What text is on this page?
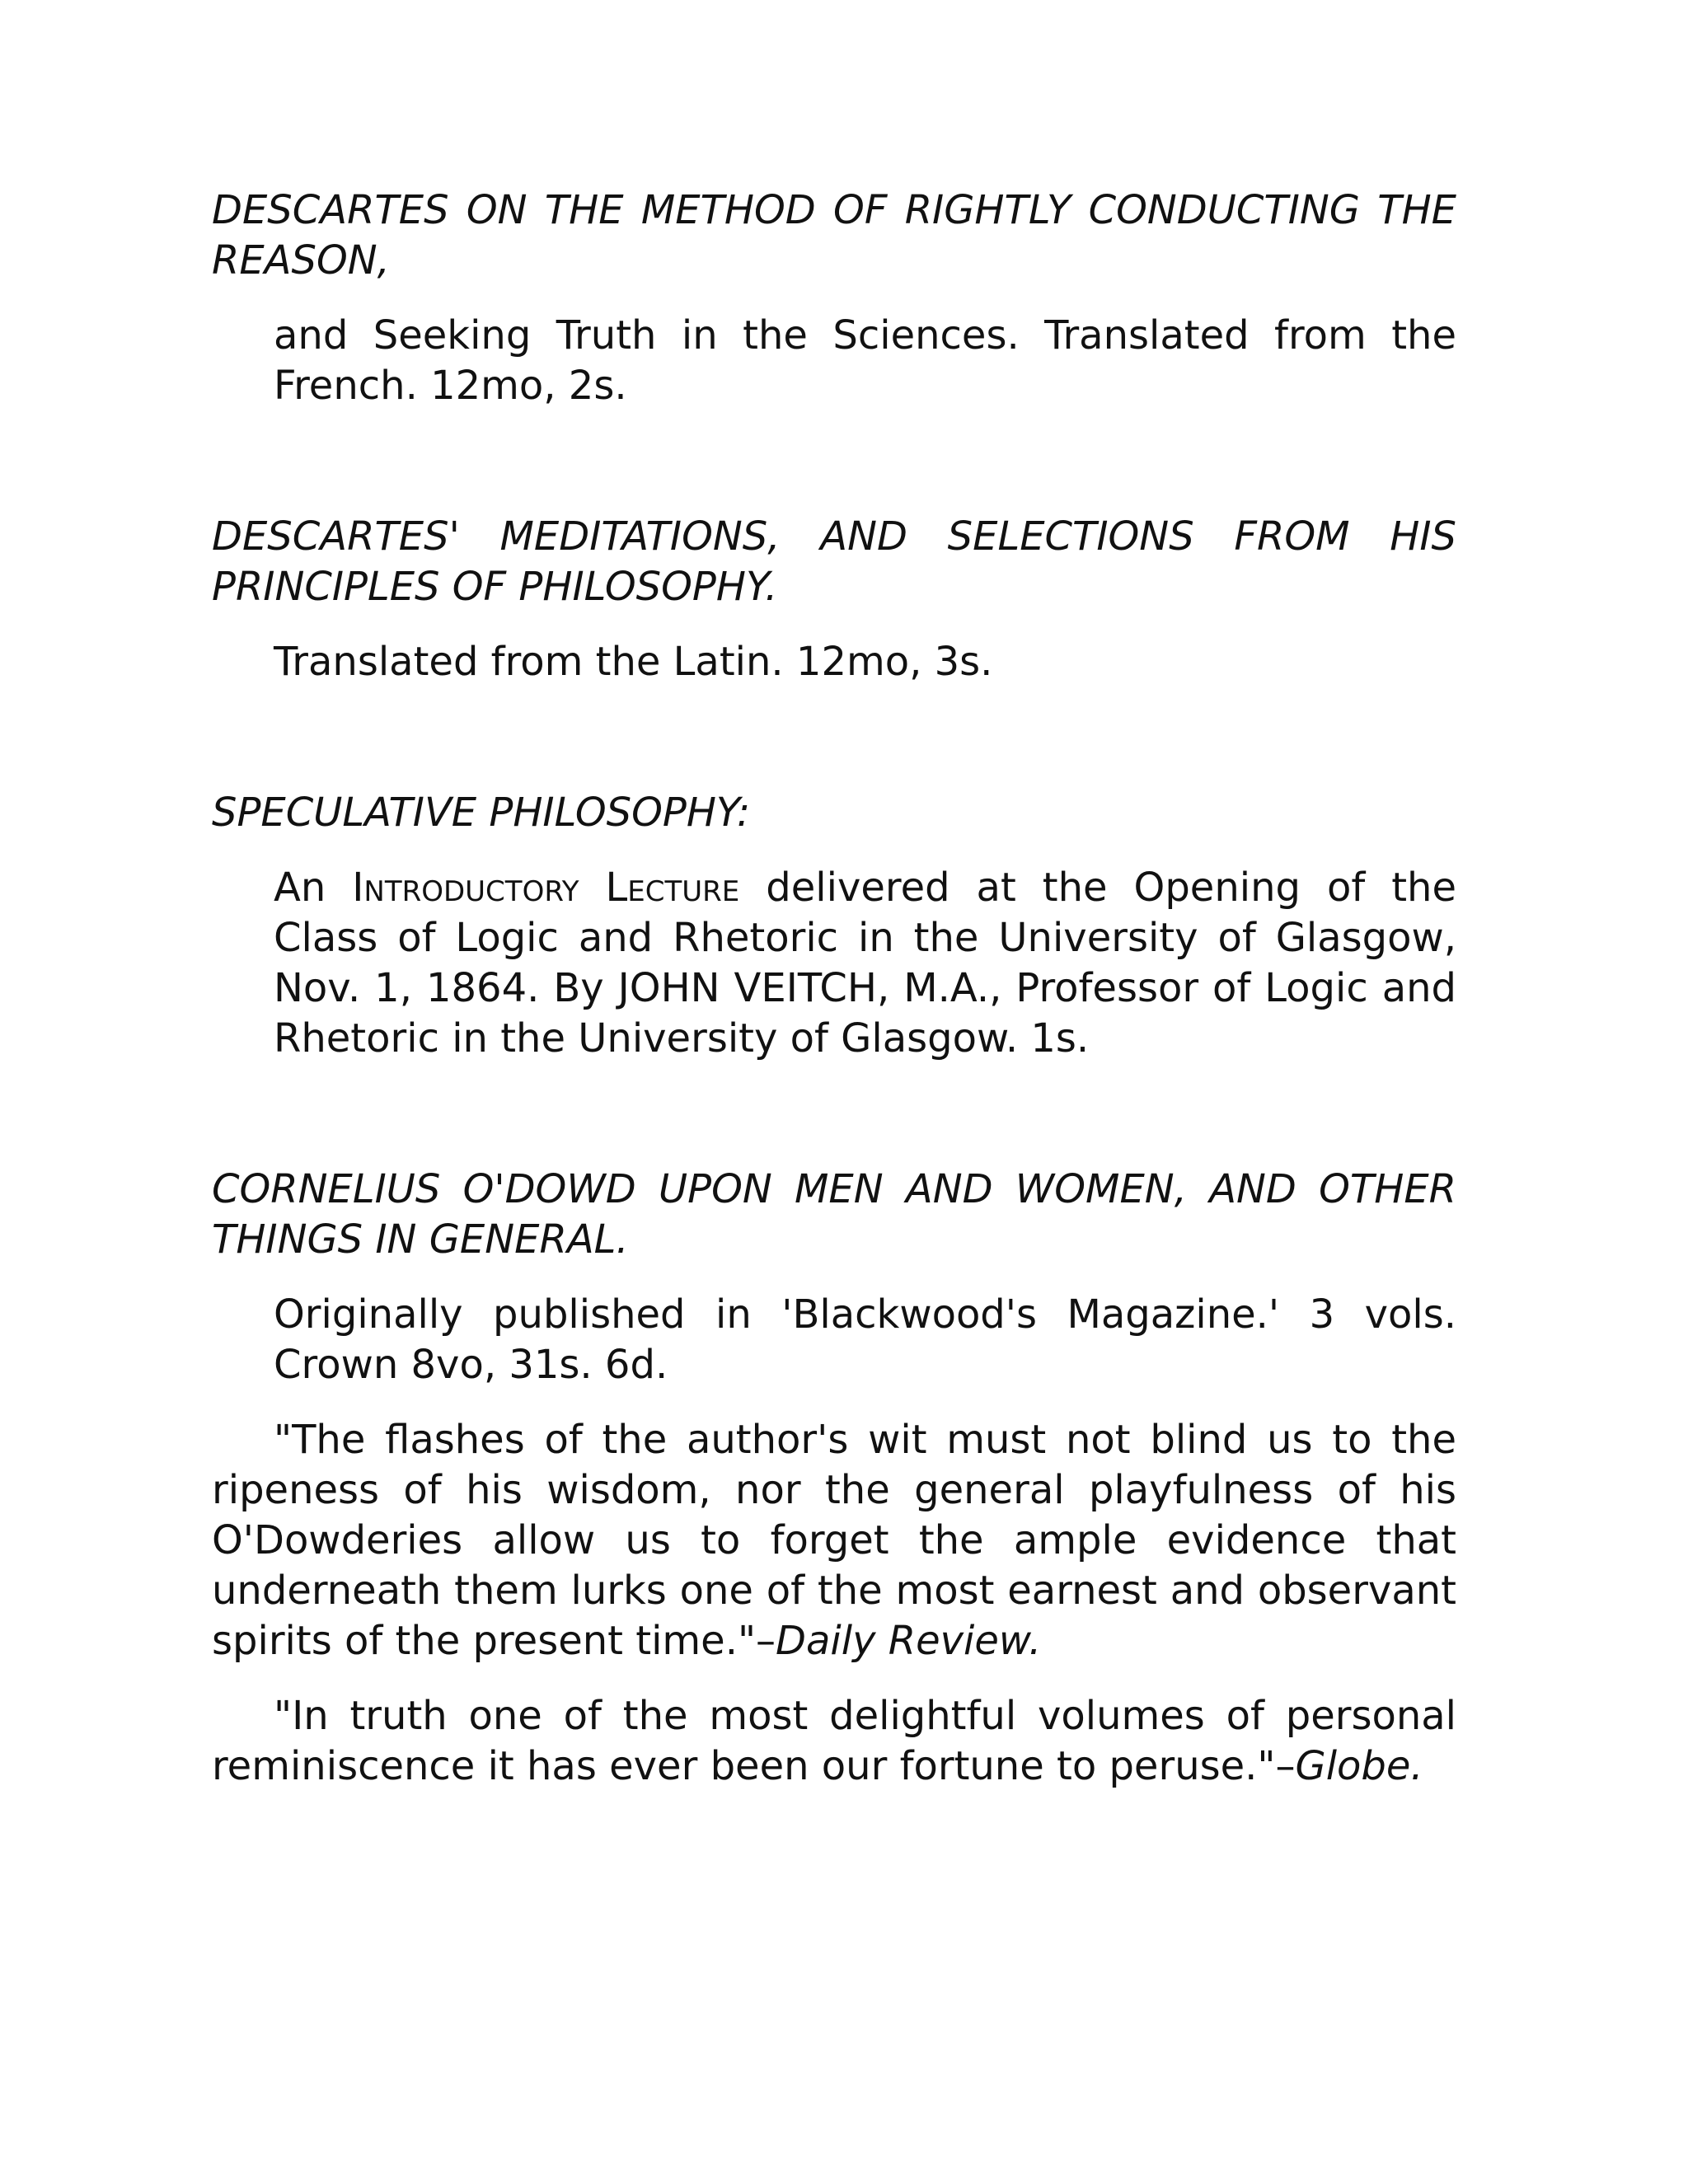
DESCARTES ON THE METHOD OF RIGHTLY CONDUCTING THE REASON,

and Seeking Truth in the Sciences. Translated from the French. 12mo, 2s.

DESCARTES' MEDITATIONS, AND SELECTIONS FROM HIS PRINCIPLES OF PHILOSOPHY.

Translated from the Latin. 12mo, 3s.

SPECULATIVE PHILOSOPHY:

An Introductory Lecture delivered at the Opening of the Class of Logic and Rhetoric in the University of Glasgow, Nov. 1, 1864. By JOHN VEITCH, M.A., Professor of Logic and Rhetoric in the University of Glasgow. 1s.

CORNELIUS O'DOWD UPON MEN AND WOMEN, AND OTHER THINGS IN GENERAL.

Originally published in 'Blackwood's Magazine.' 3 vols. Crown 8vo, 31s. 6d.

"The flashes of the author's wit must not blind us to the ripeness of his wisdom, nor the general playfulness of his O'Dowderies allow us to forget the ample evidence that underneath them lurks one of the most earnest and observant spirits of the present time."–Daily Review.

"In truth one of the most delightful volumes of personal reminiscence it has ever been our fortune to peruse."–Globe.
